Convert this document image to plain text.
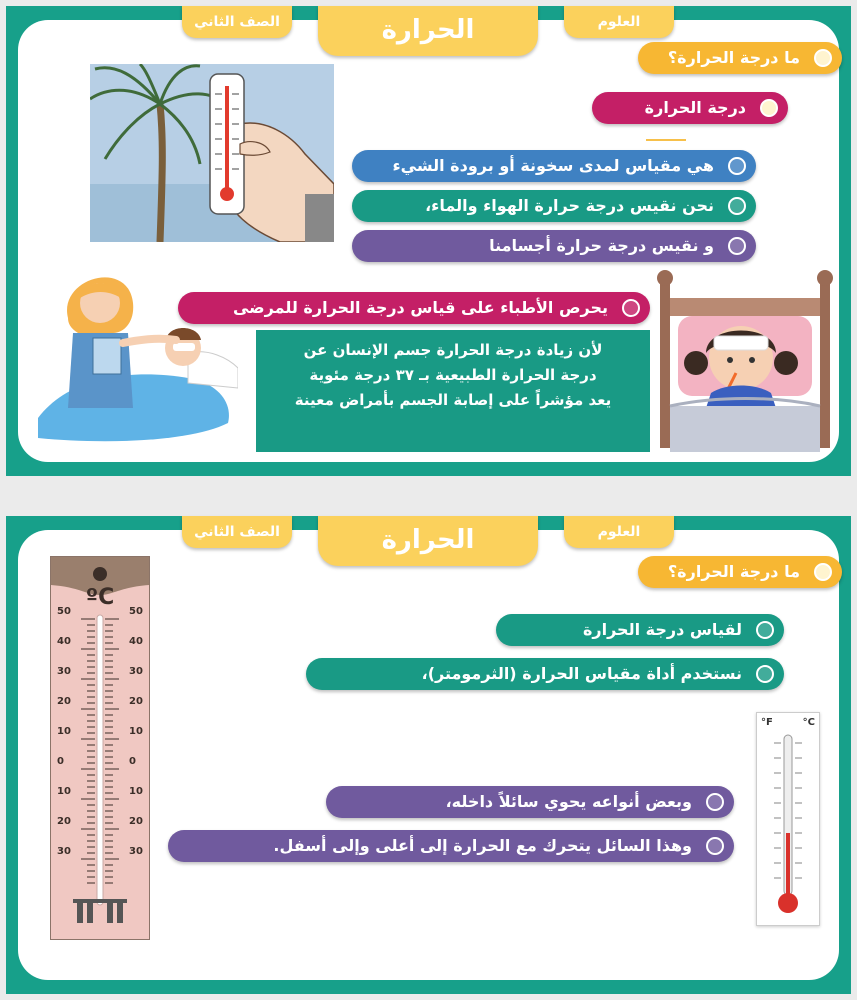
الصف الثاني	الحرارة	العلوم
ما درجة الحرارة؟
درجة الحرارة
هي مقياس لمدى سخونة أو برودة الشيء
نحن نقيس درجة حرارة الهواء والماء،
و نقيس درجة حرارة أجسامنا
يحرص الأطباء على قياس درجة الحرارة للمرضى
لأن زيادة درجة الحرارة جسم الإنسان عن
درجة الحرارة الطبيعية بـ ٣٧ درجة مئوية
يعد مؤشراً على إصابة الجسم بأمراض معينة
الصف الثاني	الحرارة	العلوم
ما درجة الحرارة؟
ºC
50
40
30
20
10
0
10
20
30
50
40
30
20
10
0
10
20
30
لقياس درجة الحرارة
نستخدم أداة مقياس الحرارة (الثرمومتر)،
وبعض أنواعه يحوي سائلاً داخله،
وهذا السائل يتحرك مع الحرارة إلى أعلى وإلى أسفل.
°F	°C
